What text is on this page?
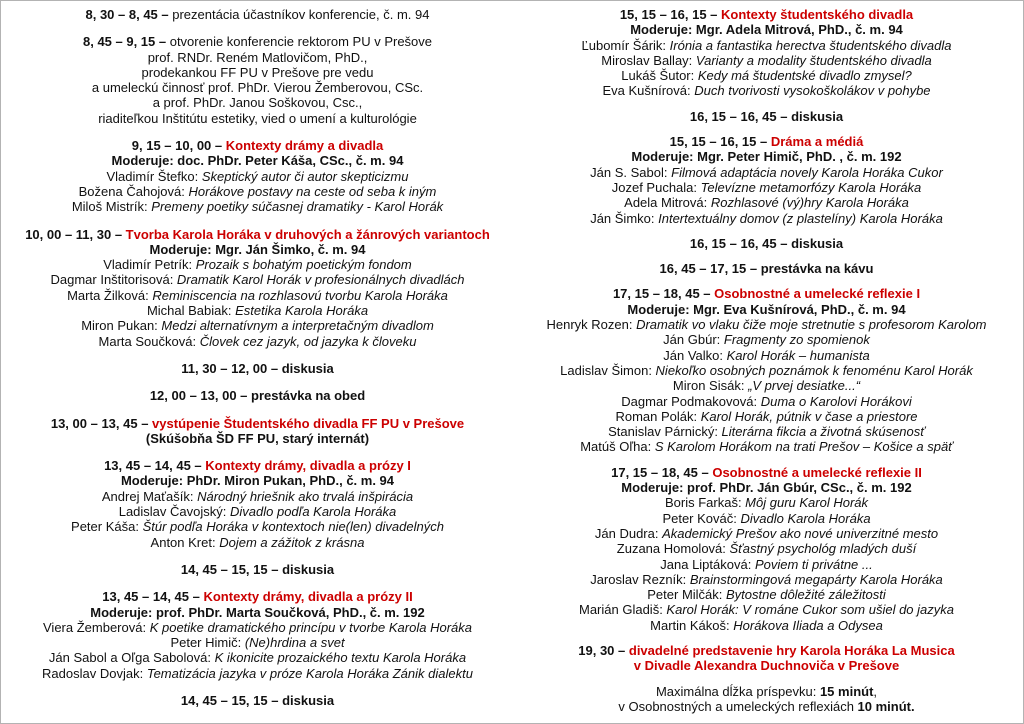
8, 30 – 8, 45 – prezentácia účastníkov konferencie, č. m. 94
8, 45 – 9, 15 – otvorenie konferencie rektorom PU v Prešove
prof. RNDr. Reném Matlovičom, PhD.,
prodekankou FF PU v Prešove pre vedu
a umeleckú činnosť prof. PhDr. Vierou Žemberovou, CSc.
a prof. PhDr. Janou Soškovou, Csc.,
riaditeľkou Inštitútu estetiky, vied o umení a kulturológie
9, 15 – 10, 00 – Kontexty drámy a divadla
Moderuje: doc. PhDr. Peter Káša, CSc., č. m. 94
Vladimír Štefko: Skeptický autor či autor skepticizmu
Božena Čahojová: Horákove postavy na ceste od seba k iným
Miloš Mistrík: Premeny poetiky súčasnej dramatiky - Karol Horák
10, 00 – 11, 30 – Tvorba Karola Horáka v druhových a žánrových variantoch
Moderuje: Mgr. Ján Šimko, č. m. 94
Vladimír Petrík: Prozaik s bohatým poetickým fondom
Dagmar Inštitorisová: Dramatik Karol Horák v profesionálnych divadlách
Marta Žilková: Reminiscencia na rozhlasovú tvorbu Karola Horáka
Michal Babiak: Estetika Karola Horáka
Miron Pukan: Medzi alternatívnym a interpretačným divadlom
Marta Součková: Človek cez jazyk, od jazyka k človeku
11, 30 – 12, 00 – diskusia
12, 00 – 13, 00 – prestávka na obed
13, 00 – 13, 45 – vystúpenie Študentského divadla FF PU v Prešove
(Skúšobňa ŠD FF PU, starý internát)
13, 45 – 14, 45 – Kontexty drámy, divadla a prózy I
Moderuje: PhDr. Miron Pukan, PhD., č. m. 94
Andrej Maťašík: Národný hriešnik ako trvalá inšpirácia
Ladislav Čavojský: Divadlo podľa Karola Horáka
Peter Káša: Štúr podľa Horáka v kontextoch nie(len) divadelných
Anton Kret: Dojem a zážitok z krásna
14, 45 – 15, 15 – diskusia
13, 45 – 14, 45 – Kontexty drámy, divadla a prózy II
Moderuje: prof. PhDr. Marta Součková, PhD., č. m. 192
Viera Žemberová: K poetike dramatického princípu v tvorbe Karola Horáka
Peter Himič: (Ne)hrdina a svet
Ján Sabol a Oľga Sabolová: K ikonicite prozaického textu Karola Horáka
Radoslav Dovjak: Tematizácia jazyka v próze Karola Horáka Zánik dialektu
14, 45 – 15, 15 – diskusia
15, 15 – 16, 15 – Kontexty študentského divadla
Moderuje: Mgr. Adela Mitrová, PhD., č. m. 94
Ľubomír Šárik: Irónia a fantastika herectva študentského divadla
Miroslav Ballay: Varianty a modality študentského divadla
Lukáš Šutor: Kedy má študentské divadlo zmysel?
Eva Kušnírová: Duch tvorivosti vysokoškolákov v pohybe
16, 15 – 16, 45 – diskusia
15, 15 – 16, 15 – Dráma a médiá
Moderuje: Mgr. Peter Himič, PhD. , č. m. 192
Ján S. Sabol: Filmová adaptácia novely Karola Horáka Cukor
Jozef Puchala: Televízne metamorfózy Karola Horáka
Adela Mitrová: Rozhlasové (vý)hry Karola Horáka
Ján Šimko: Intertextuálny domov (z plastelíny) Karola Horáka
16, 15 – 16, 45 – diskusia
16, 45 – 17, 15 – prestávka na kávu
17, 15 – 18, 45 – Osobnostné a umelecké reflexie I
Moderuje: Mgr. Eva Kušnírová, PhD., č. m. 94
Henryk Rozen: Dramatik vo vlaku čiže moje stretnutie s profesorom Karolom
Ján Gbúr: Fragmenty zo spomienok
Ján Valko: Karol Horák – humanista
Ladislav Šimon: Niekoľko osobných poznámok k fenoménu Karol Horák
Miron Sisák: „V prvej desiatke...“
Dagmar Podmakovová: Duma o Karolovi Horákovi
Roman Polák: Karol Horák, pútnik v čase a priestore
Stanislav Párnický: Literárna fikcia a životná skúsenosť
Matúš Oľha: S Karolom Horákom na trati Prešov – Košice a späť
17, 15 – 18, 45 – Osobnostné a umelecké reflexie II
Moderuje: prof. PhDr. Ján Gbúr, CSc., č. m. 192
Boris Farkaš: Môj guru Karol Horák
Peter Kováč: Divadlo Karola Horáka
Ján Dudra: Akademický Prešov ako nové univerzitné mesto
Zuzana Homolová: Šťastný psychológ mladých duší
Jana Liptáková: Poviem ti privátne ...
Jaroslav Rezník: Brainstormingová megapárty Karola Horáka
Peter Milčák: Bytostne dôležité záležitosti
Marián Gladiš: Karol Horák: V románe Cukor som ušiel do jazyka
Martin Kákoš: Horákova Iliada a Odysea
19, 30 – divadelné predstavenie hry Karola Horáka La Musica
v Divadle Alexandra Duchnoviča v Prešove
Maximálna dĺžka príspevku: 15 minút,
v Osobnostných a umeleckých reflexiách 10 minút.
